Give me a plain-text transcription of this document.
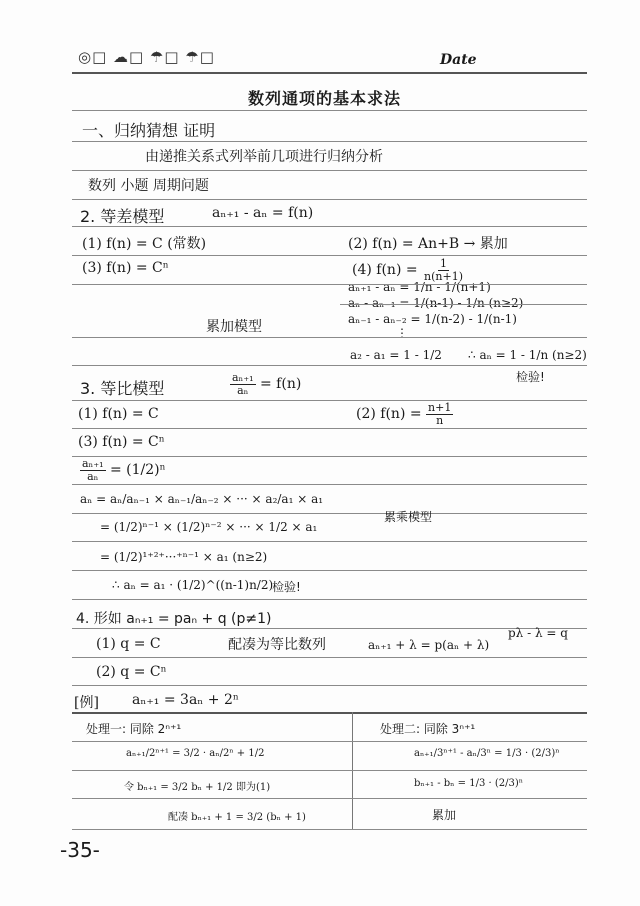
◎□ ☁□ ☂□ ☂□	Date
数列通项的基本求法
一、归纳猜想 证明
由递推关系式列举前几项进行归纳分析
数列 小题 周期问题
2. 等差模型	aₙ₊₁ - aₙ = f(n)
(1) f(n) = C (常数)	(2) f(n) = An+B → 累加
(3) f(n) = Cⁿ	(4) $f(n) = \frac{1}{n(n+1)}$
aₙ₊₁ - aₙ = 1/n - 1/(n+1)
aₙ - aₙ₋₁ = 1/(n-1) - 1/n (n≥2)
aₙ₋₁ - aₙ₋₂ = 1/(n-2) - 1/(n-1)
累加模型	⋮
a₂ - a₁ = 1 - 1/2 ∴ aₙ = 1 - 1/n (n≥2)
检验!
3. 等比模型	$\frac{\text{aₙ₊₁}}{\text{aₙ}} = f(n)$
(1) f(n) = C	(2) $f(n) = \frac{n+1}{n}$
(3) f(n) = Cⁿ
$\frac{\text{aₙ₊₁}}{\text{aₙ}} = (1/2)^n$
aₙ = aₙ/aₙ₋₁ × aₙ₋₁/aₙ₋₂ × ··· × a₂/a₁ × a₁
= (1/2)ⁿ⁻¹ × (1/2)ⁿ⁻² × ··· × 1/2 × a₁
累乘模型
= (1/2)¹⁺²⁺···⁺ⁿ⁻¹ × a₁ (n≥2)
∴ aₙ = a₁ · (1/2)^((n-1)n/2)
检验!
4. 形如 aₙ₊₁ = paₙ + q (p≠1)
(1) q = C	配凑为等比数列	aₙ₊₁ + λ = p(aₙ + λ)
pλ - λ = q
(2) q = Cⁿ
[例] aₙ₊₁ = 3aₙ + 2ⁿ
处理一: 同除 2ⁿ⁺¹	处理二: 同除 3ⁿ⁺¹
aₙ₊₁/2ⁿ⁺¹ = 3/2 · aₙ/2ⁿ + 1/2	aₙ₊₁/3ⁿ⁺¹ - aₙ/3ⁿ = 1/3 · (2/3)ⁿ
令 bₙ₊₁ = 3/2 bₙ + 1/2 即为(1)	bₙ₊₁ - bₙ = 1/3 · (2/3)ⁿ
配凑 bₙ₊₁ + 1 = 3/2 (bₙ + 1)	累加
-35-
